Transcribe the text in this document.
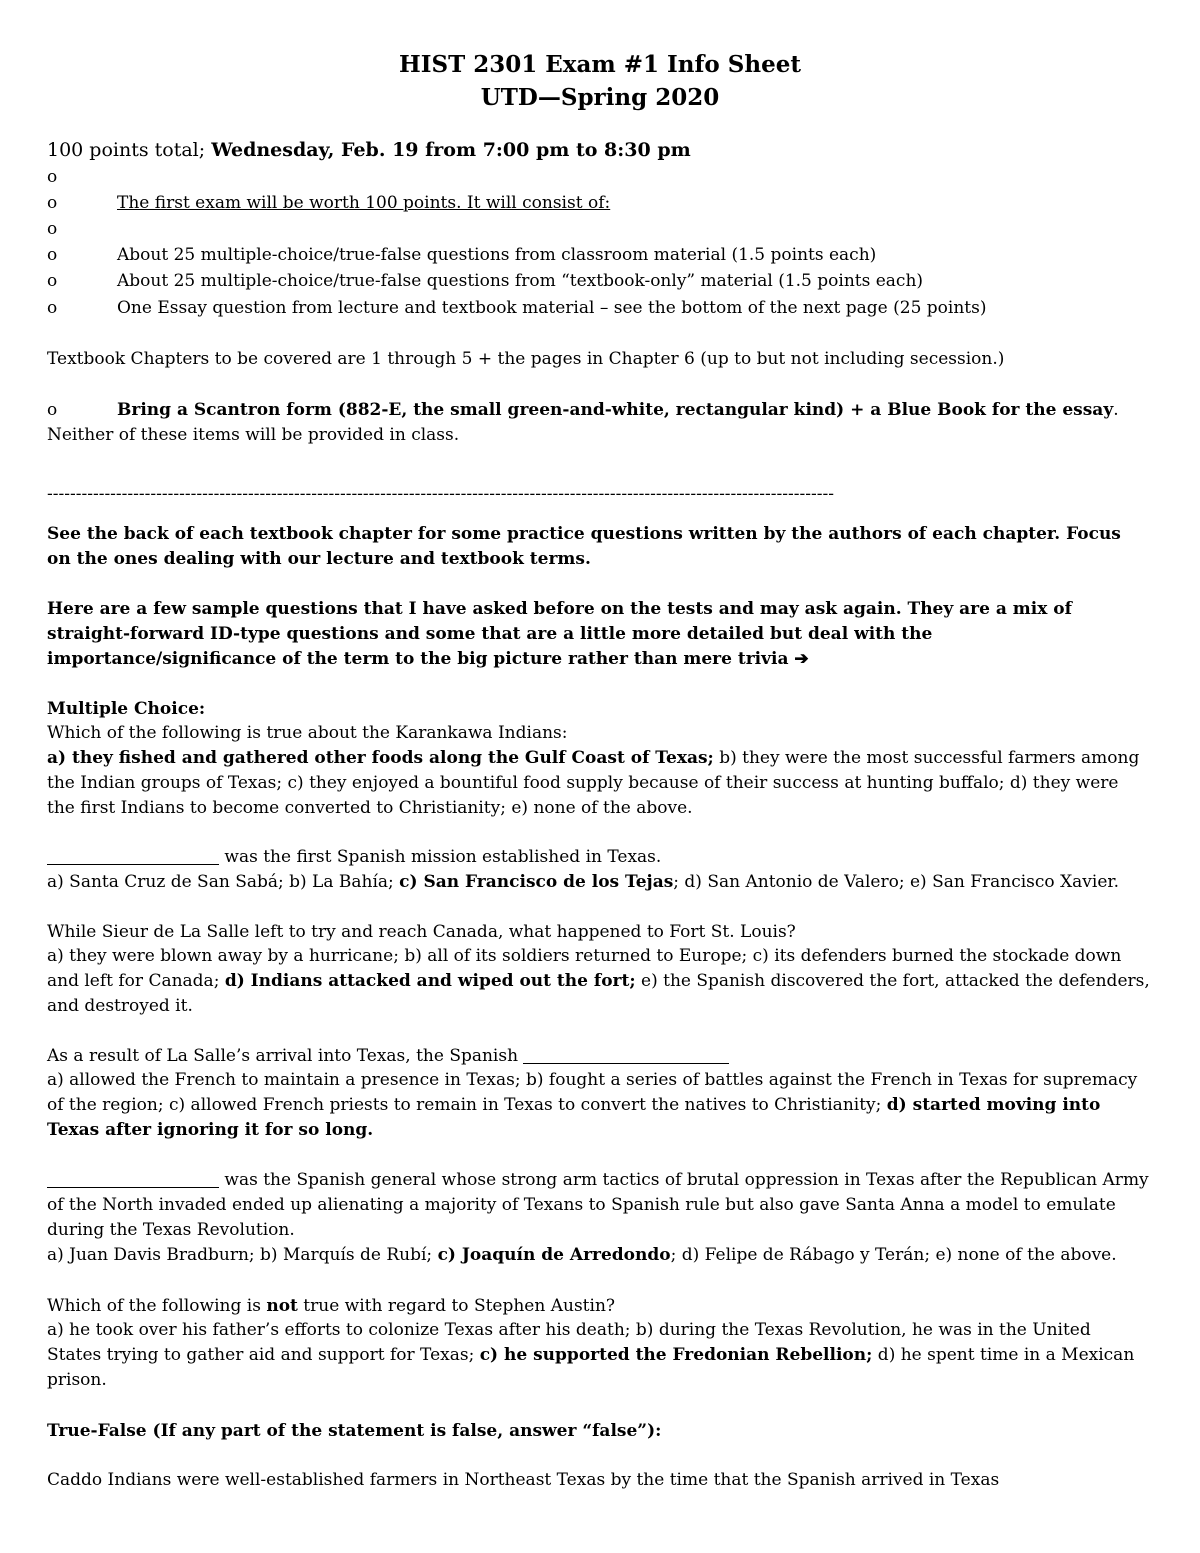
HIST 2301 Exam #1 Info Sheet
UTD—Spring 2020
100 points total; Wednesday, Feb. 19 from 7:00 pm to 8:30 pm
o
o	The first exam will be worth 100 points. It will consist of:
o
o	About 25 multiple-choice/true-false questions from classroom material (1.5 points each)
o	About 25 multiple-choice/true-false questions from “textbook-only” material (1.5 points each)
o	One Essay question from lecture and textbook material – see the bottom of the next page (25 points)
Textbook Chapters to be covered are 1 through 5 + the pages in Chapter 6 (up to but not including secession.)
o	Bring a Scantron form (882-E, the small green-and-white, rectangular kind) + a Blue Book for the essay.
Neither of these items will be provided in class.
-----------------------------------------------------------------------------------------------------------------------------------------
See the back of each textbook chapter for some practice questions written by the authors of each chapter. Focus on the ones dealing with our lecture and textbook terms.
Here are a few sample questions that I have asked before on the tests and may ask again. They are a mix of straight-forward ID-type questions and some that are a little more detailed but deal with the importance/significance of the term to the big picture rather than mere trivia ➔
Multiple Choice:
Which of the following is true about the Karankawa Indians:
a) they fished and gathered other foods along the Gulf Coast of Texas; b) they were the most successful farmers among the Indian groups of Texas; c) they enjoyed a bountiful food supply because of their success at hunting buffalo; d) they were the first Indians to become converted to Christianity; e) none of the above.
was the first Spanish mission established in Texas.
a) Santa Cruz de San Sabá; b) La Bahía; c) San Francisco de los Tejas; d) San Antonio de Valero; e) San Francisco Xavier.
While Sieur de La Salle left to try and reach Canada, what happened to Fort St. Louis?
a) they were blown away by a hurricane; b) all of its soldiers returned to Europe; c) its defenders burned the stockade down and left for Canada; d) Indians attacked and wiped out the fort; e) the Spanish discovered the fort, attacked the defenders, and destroyed it.
As a result of La Salle’s arrival into Texas, the Spanish
a) allowed the French to maintain a presence in Texas; b) fought a series of battles against the French in Texas for supremacy of the region; c) allowed French priests to remain in Texas to convert the natives to Christianity; d) started moving into Texas after ignoring it for so long.
was the Spanish general whose strong arm tactics of brutal oppression in Texas after the Republican Army of the North invaded ended up alienating a majority of Texans to Spanish rule but also gave Santa Anna a model to emulate during the Texas Revolution.
a) Juan Davis Bradburn; b) Marquís de Rubí; c) Joaquín de Arredondo; d) Felipe de Rábago y Terán; e) none of the above.
Which of the following is not true with regard to Stephen Austin?
a) he took over his father’s efforts to colonize Texas after his death; b) during the Texas Revolution, he was in the United States trying to gather aid and support for Texas; c) he supported the Fredonian Rebellion; d) he spent time in a Mexican prison.
True-False (If any part of the statement is false, answer “false”):
Caddo Indians were well-established farmers in Northeast Texas by the time that the Spanish arrived in Texas
